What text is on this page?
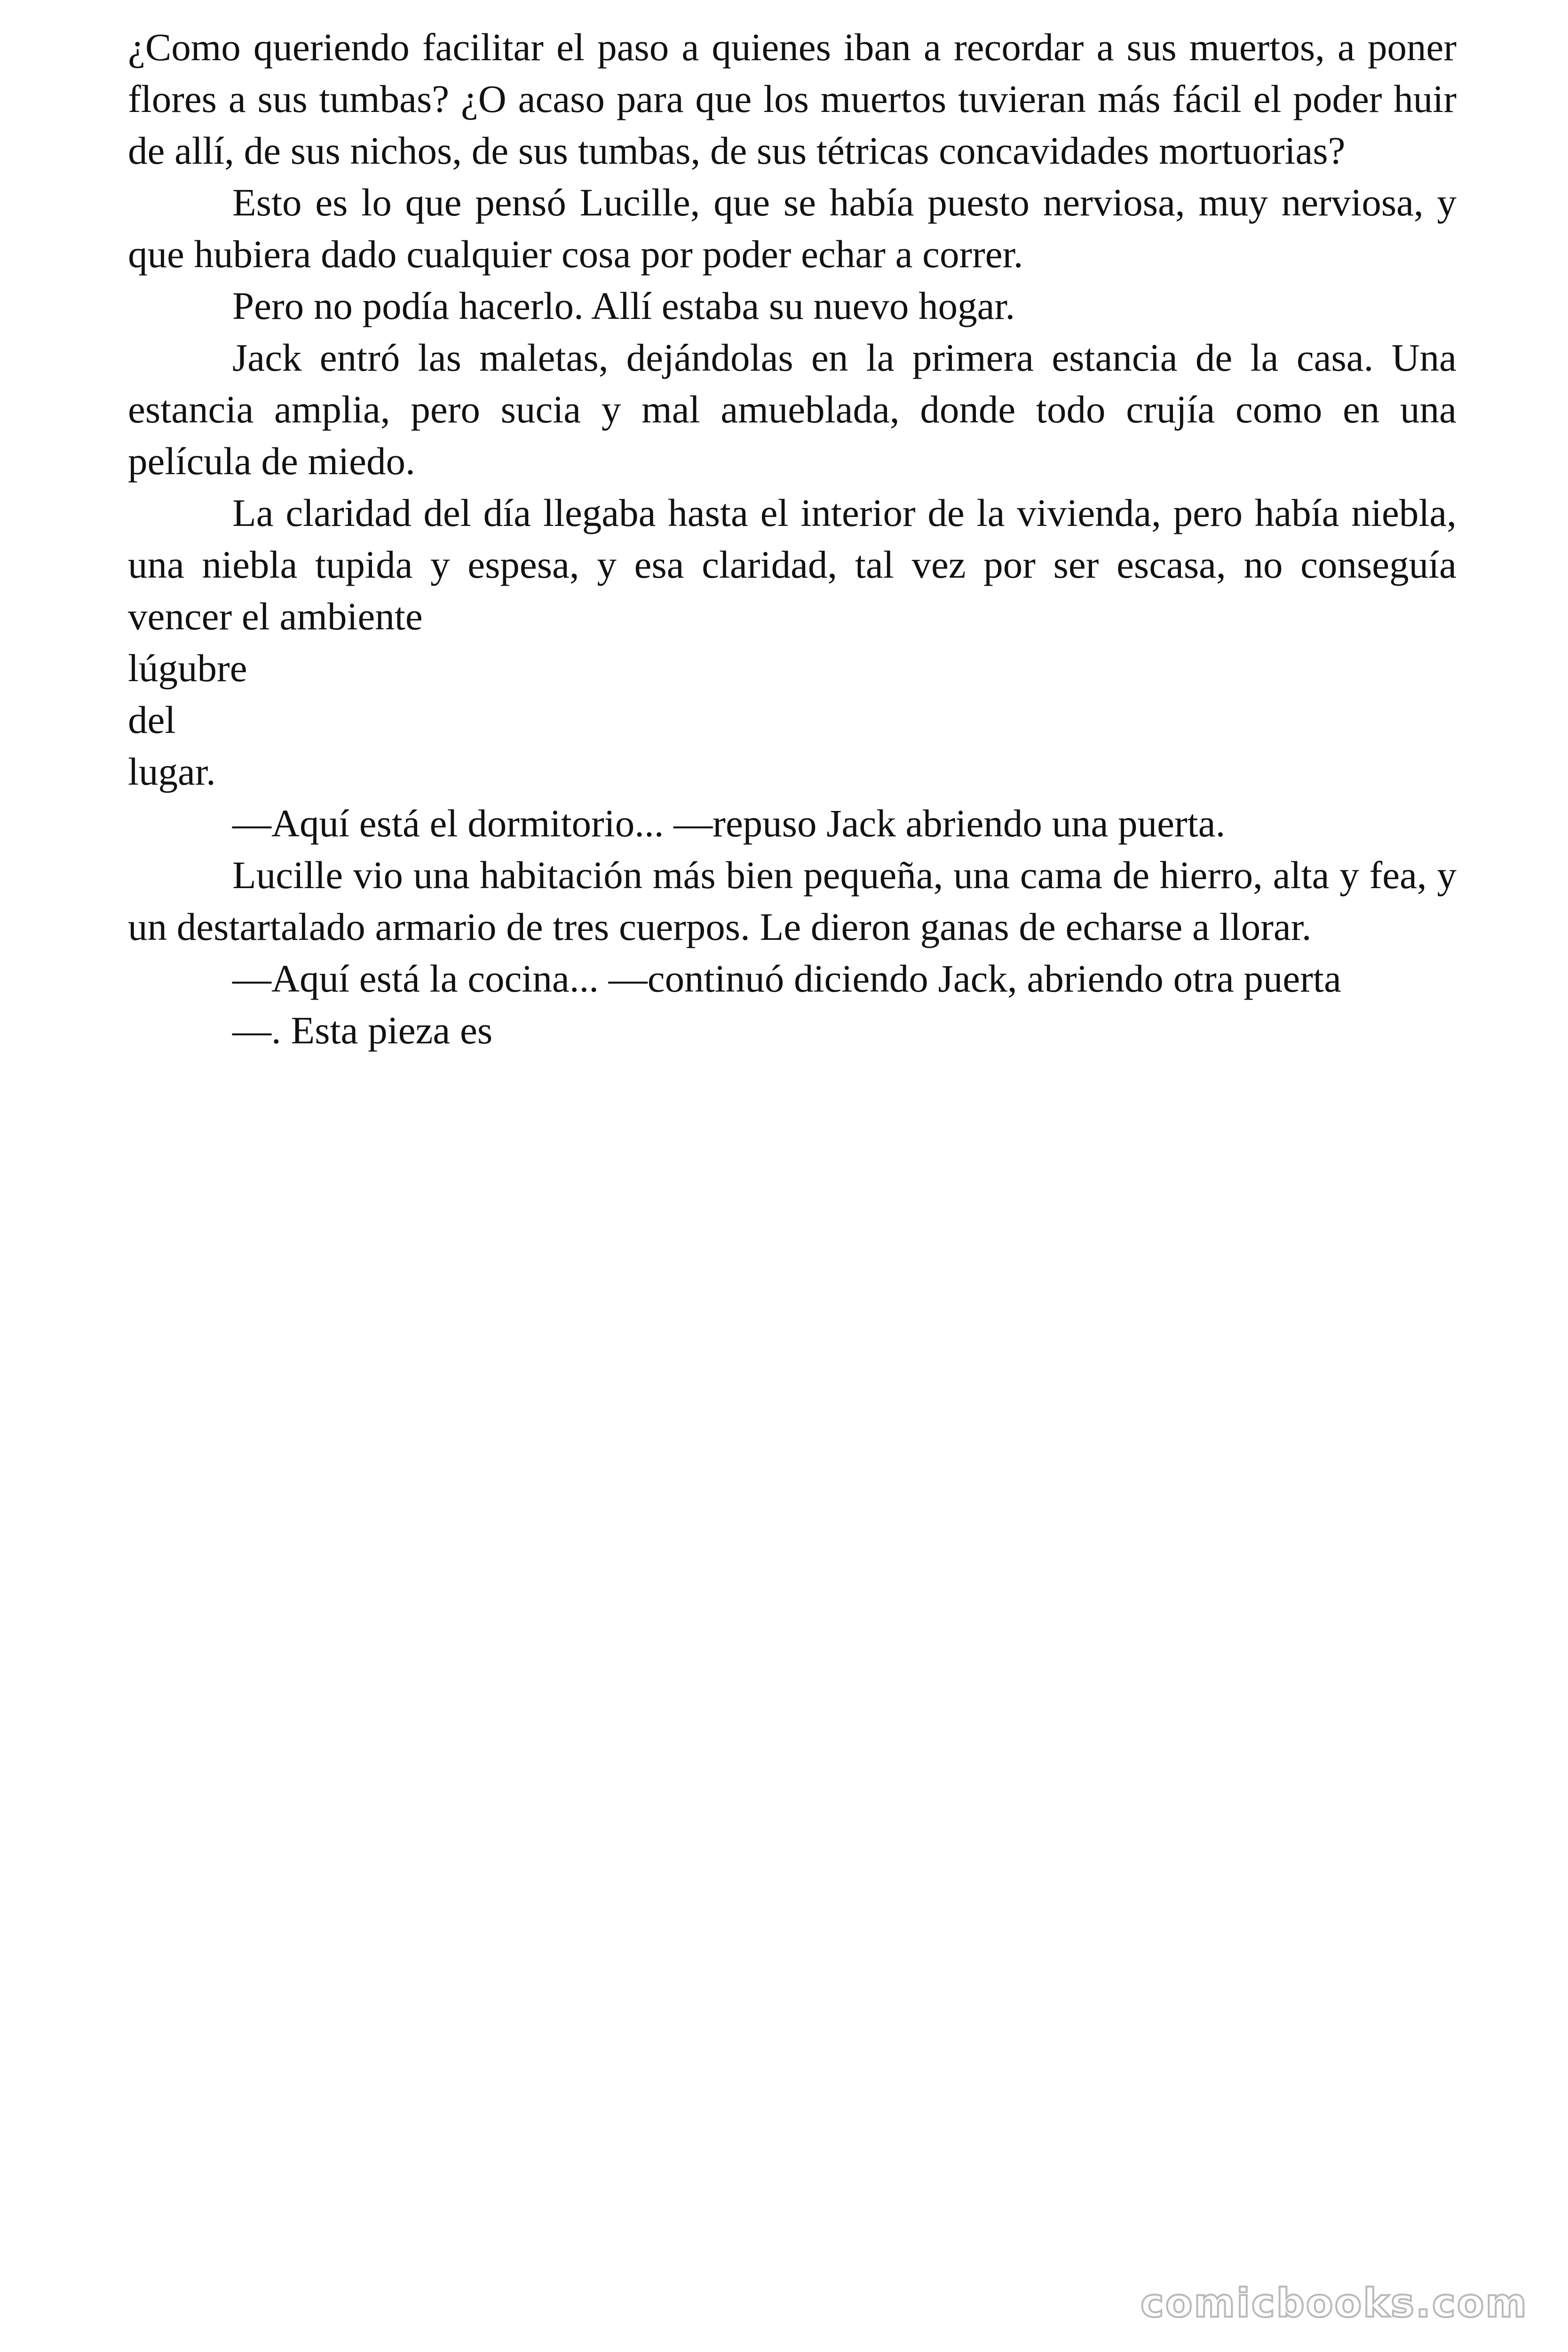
¿Como queriendo facilitar el paso a quienes iban a recordar a sus muertos, a poner flores a sus tumbas? ¿O acaso para que los muertos tuvieran más fácil el poder huir de allí, de sus nichos, de sus tumbas, de sus tétricas concavidades mortuorias?

Esto es lo que pensó Lucille, que se había puesto nerviosa, muy nerviosa, y que hubiera dado cualquier cosa por poder echar a correr.

Pero no podía hacerlo. Allí estaba su nuevo hogar.

Jack entró las maletas, dejándolas en la primera estancia de la casa. Una estancia amplia, pero sucia y mal amueblada, donde todo crujía como en una película de miedo.

La claridad del día llegaba hasta el interior de la vivienda, pero había niebla, una niebla tupida y espesa, y esa claridad, tal vez por ser escasa, no conseguía vencer el ambiente

lúgubre
del
lugar.

—Aquí está el dormitorio... —repuso Jack abriendo una puerta.

Lucille vio una habitación más bien pequeña, una cama de hierro, alta y fea, y un destartalado armario de tres cuerpos. Le dieron ganas de echarse a llorar.

—Aquí está la cocina... —continuó diciendo Jack, abriendo otra puerta

—. Esta pieza es

comicbooks.com
